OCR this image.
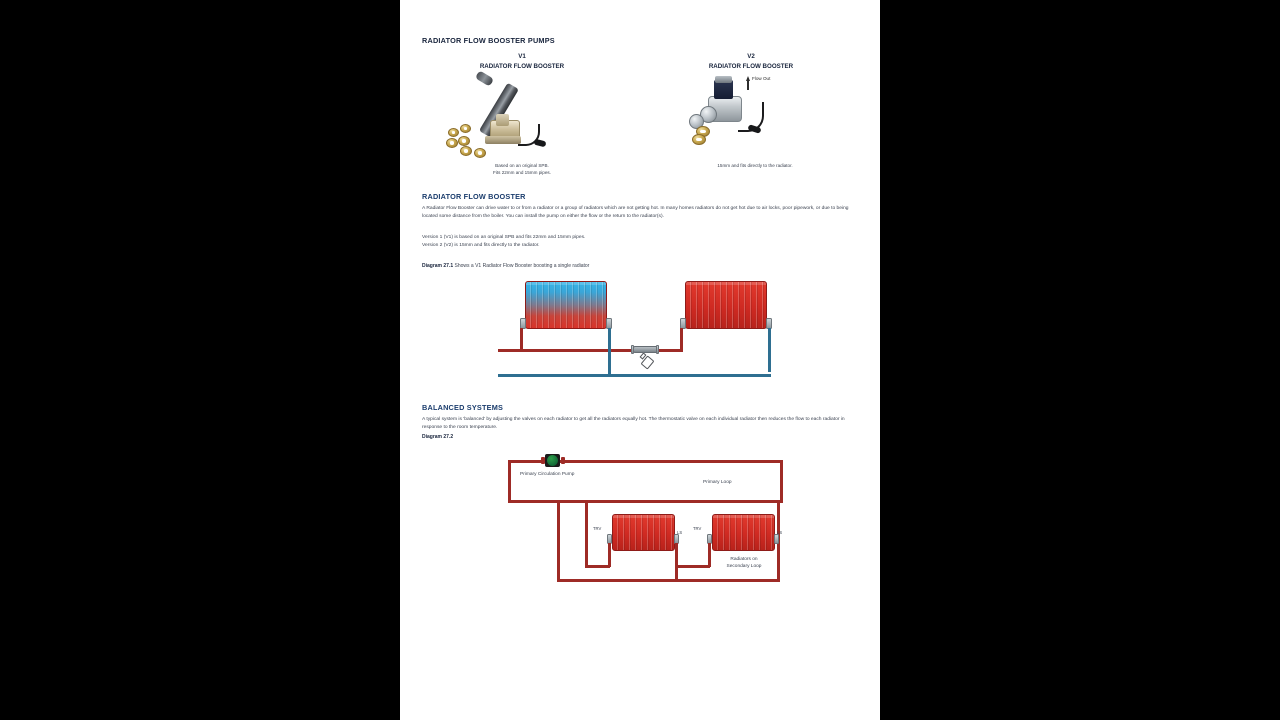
RADIATOR FLOW BOOSTER PUMPS
V1
RADIATOR FLOW BOOSTER
Based on an original SPB.
Fits 22mm and 15mm pipes.
V2
RADIATOR FLOW BOOSTER
Flow Out
15mm and fits directly to the radiator.
RADIATOR FLOW BOOSTER
A Radiator Flow Booster can drive water to or from a radiator or a group of radiators which are not getting hot. In many homes radiators do not get hot due to air locks, poor pipework, or due to being located some distance from the boiler. You can install the pump on either the flow or the return to the radiator(s).
Version 1 (V1) is based on an original SPB and fits 22mm and 15mm pipes.
Version 2 (V2) is 15mm and fits directly to the radiator.
Diagram 27.1 Shows a V1 Radiator Flow Booster boosting a single radiator
BALANCED SYSTEMS
A typical system is 'balanced' by adjusting the valves on each radiator to get all the radiators equally hot. The thermostatic valve on each individual radiator then reduces the flow to each radiator in response to the room temperature.
Diagram 27.2
Primary Circulation Pump
Primary Loop
TRV
LS
TRV
LS
Radiators on
Secondary Loop
